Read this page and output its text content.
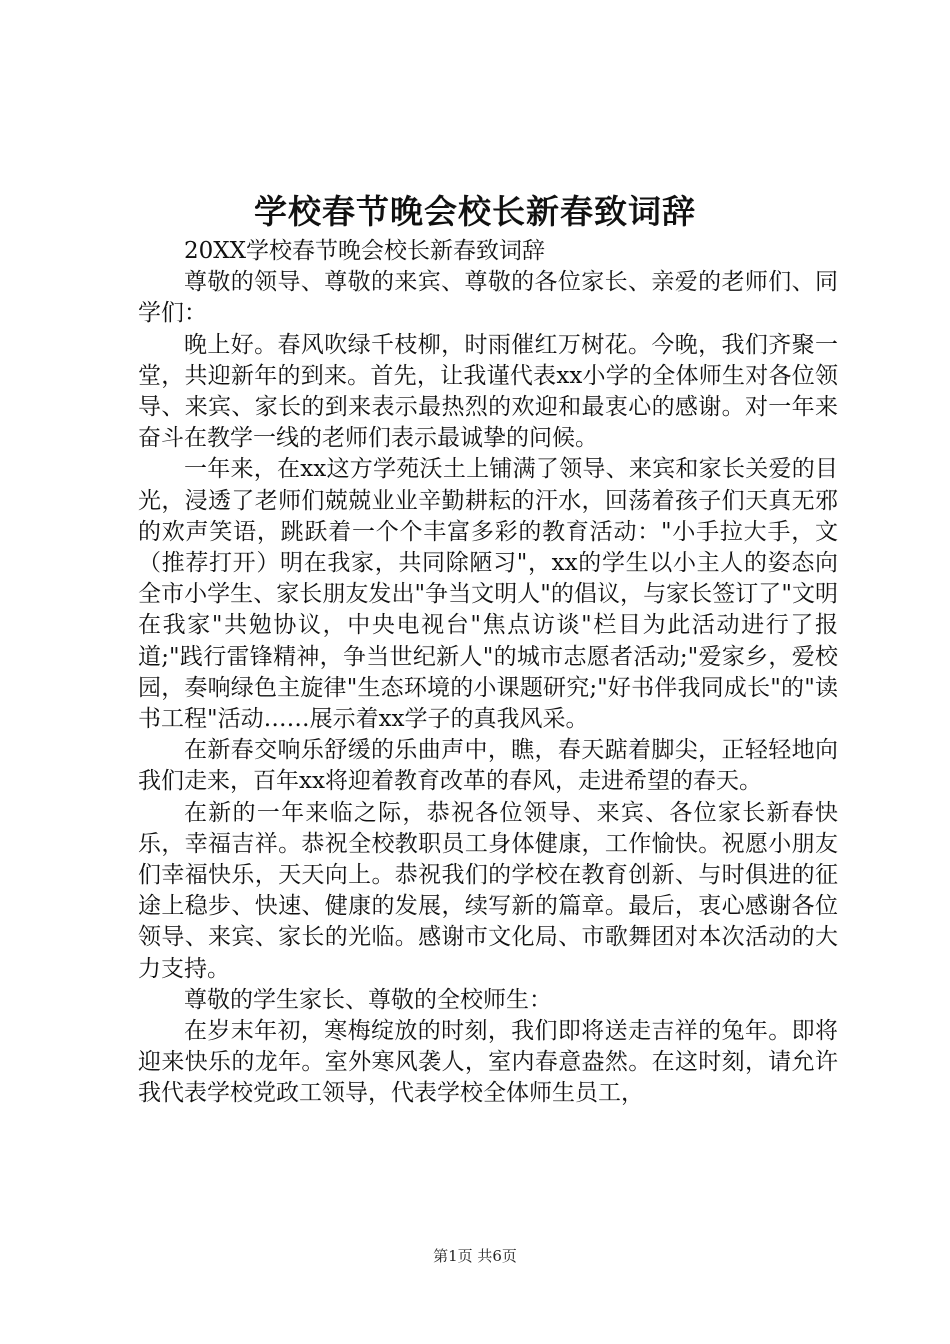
学校春节晚会校长新春致词辞

20XX学校春节晚会校长新春致词辞

尊敬的领导、尊敬的来宾、尊敬的各位家长、亲爱的老师们、同学们：

晚上好。春风吹绿千枝柳，时雨催红万树花。今晚，我们齐聚一堂，共迎新年的到来。首先，让我谨代表xx小学的全体师生对各位领导、来宾、家长的到来表示最热烈的欢迎和最衷心的感谢。对一年来奋斗在教学一线的老师们表示最诚挚的问候。

一年来，在xx这方学苑沃土上铺满了领导、来宾和家长关爱的目光，浸透了老师们兢兢业业辛勤耕耘的汗水，回荡着孩子们天真无邪的欢声笑语，跳跃着一个个丰富多彩的教育活动："小手拉大手，文（推荐打开）明在我家，共同除陋习"，xx的学生以小主人的姿态向全市小学生、家长朋友发出"争当文明人"的倡议，与家长签订了"文明在我家"共勉协议，中央电视台"焦点访谈"栏目为此活动进行了报道;"践行雷锋精神，争当世纪新人"的城市志愿者活动;"爱家乡，爱校园，奏响绿色主旋律"生态环境的小课题研究;"好书伴我同成长"的"读书工程"活动……展示着xx学子的真我风采。

在新春交响乐舒缓的乐曲声中，瞧，春天踮着脚尖，正轻轻地向我们走来，百年xx将迎着教育改革的春风，走进希望的春天。

在新的一年来临之际，恭祝各位领导、来宾、各位家长新春快乐，幸福吉祥。恭祝全校教职员工身体健康，工作愉快。祝愿小朋友们幸福快乐，天天向上。恭祝我们的学校在教育创新、与时俱进的征途上稳步、快速、健康的发展，续写新的篇章。最后，衷心感谢各位领导、来宾、家长的光临。感谢市文化局、市歌舞团对本次活动的大力支持。

尊敬的学生家长、尊敬的全校师生：

在岁末年初，寒梅绽放的时刻，我们即将送走吉祥的兔年。即将迎来快乐的龙年。室外寒风袭人，室内春意盎然。在这时刻，请允许我代表学校党政工领导，代表学校全体师生员工，

第1页 共6页
